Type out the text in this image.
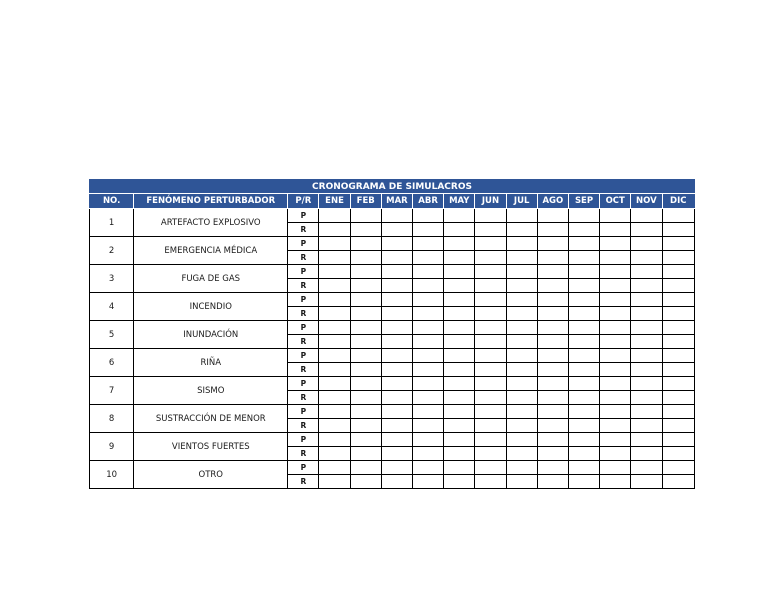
CRONOGRAMA DE SIMULACROS														
NO.	FENÓMENO PERTURBADOR	P/R	ENE	FEB	MAR	ABR	MAY	JUN	JUL	AGO	SEP	OCT	NOV	DIC
1	ARTEFACTO EXPLOSIVO	P												
		R												
2	EMERGENCIA MÉDICA	P												
		R												
3	FUGA DE GAS	P												
		R												
4	INCENDIO	P												
		R												
5	INUNDACIÓN	P												
		R												
6	RIÑA	P												
		R												
7	SISMO	P												
		R												
8	SUSTRACCIÓN DE MENOR	P												
		R												
9	VIENTOS FUERTES	P												
		R												
10	OTRO	P												
		R												
